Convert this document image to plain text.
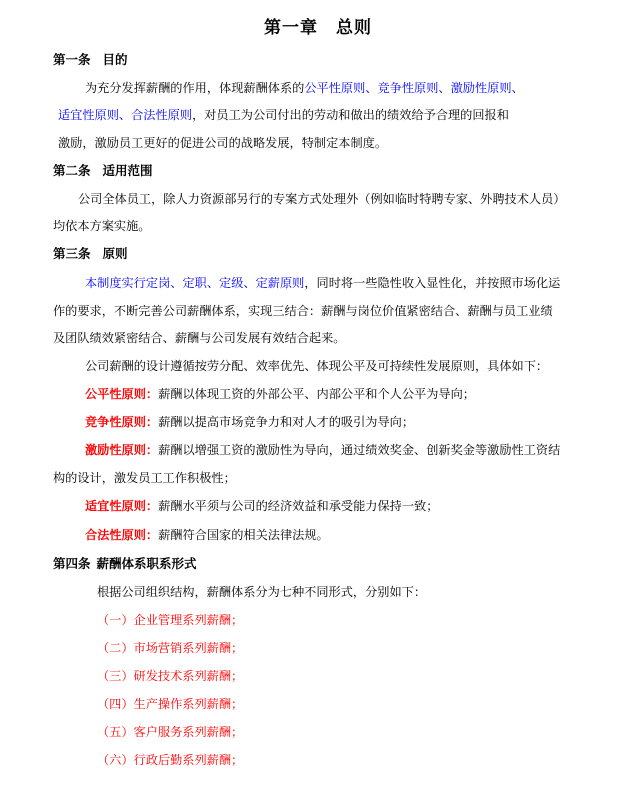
第一章 总则
第一条 目的
为充分发挥薪酬的作用，体现薪酬体系的公平性原则、竞争性原则、激励性原则、
适宜性原则、合法性原则，对员工为公司付出的劳动和做出的绩效给予合理的回报和
激励，激励员工更好的促进公司的战略发展，特制定本制度。
第二条 适用范围
公司全体员工，除人力资源部另行的专案方式处理外（例如临时特聘专家、外聘技术人员）
均依本方案实施。
第三条 原则
本制度实行定岗、定职、定级、定薪原则，同时将一些隐性收入显性化，并按照市场化运
作的要求，不断完善公司薪酬体系，实现三结合：薪酬与岗位价值紧密结合、薪酬与员工业绩
及团队绩效紧密结合、薪酬与公司发展有效结合起来。
公司薪酬的设计遵循按劳分配、效率优先、体现公平及可持续性发展原则，具体如下：
公平性原则：薪酬以体现工资的外部公平、内部公平和个人公平为导向；
竞争性原则：薪酬以提高市场竞争力和对人才的吸引为导向；
激励性原则：薪酬以增强工资的激励性为导向，通过绩效奖金、创新奖金等激励性工资结
构的设计，激发员工工作积极性；
适宜性原则：薪酬水平须与公司的经济效益和承受能力保持一致；
合法性原则：薪酬符合国家的相关法律法规。
第四条 薪酬体系职系形式
根据公司组织结构，薪酬体系分为七种不同形式，分别如下：
（一）企业管理系列薪酬；
（二）市场营销系列薪酬；
（三）研发技术系列薪酬；
（四）生产操作系列薪酬；
（五）客户服务系列薪酬；
（六）行政后勤系列薪酬；
